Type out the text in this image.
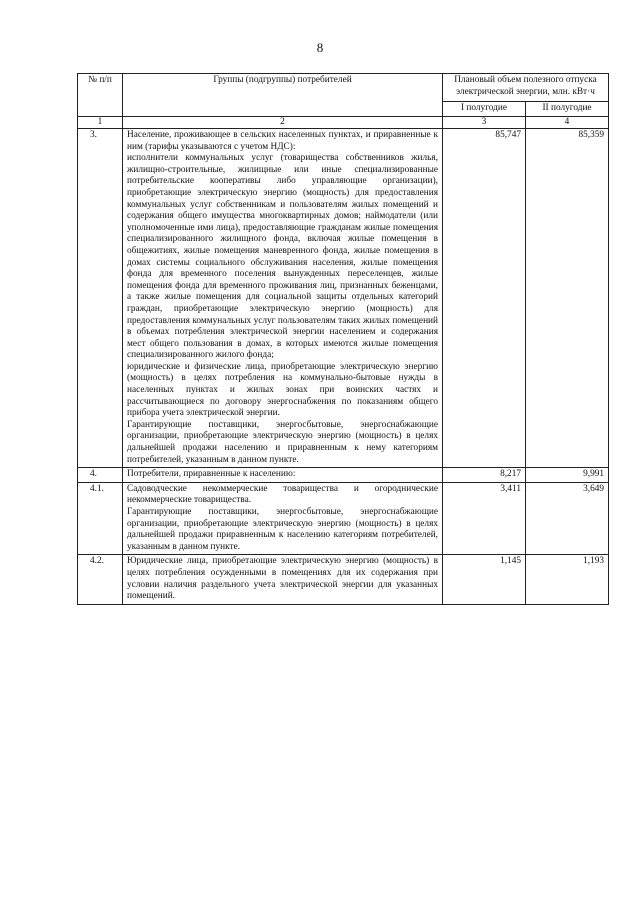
8
№ п/п	Группы (подгруппы) потребителей	Плановый объем полезного отпуска электрической энергии, млн. кВт·ч	
		I полугодие	II полугодие
1	2	3	4
3.	Население, проживающее в сельских населенных пунктах, и приравненные к ним (тарифы указываются с учетом НДС):

исполнители коммунальных услуг (товарищества собственников жилья, жилищно-строительные, жилищные или иные специализированные потребительские кооперативы либо управляющие организации), приобретающие электрическую энергию (мощность) для предоставления коммунальных услуг собственникам и пользователям жилых помещений и содержания общего имущества многоквартирных домов; наймодатели (или уполномоченные ими лица), предоставляющие гражданам жилые помещения специализированного жилищного фонда, включая жилые помещения в общежитиях, жилые помещения маневренного фонда, жилые помещения в домах системы социального обслуживания населения, жилые помещения фонда для временного поселения вынужденных переселенцев, жилые помещения фонда для временного проживания лиц, признанных беженцами, а также жилые помещения для социальной защиты отдельных категорий граждан, приобретающие электрическую энергию (мощность) для предоставления коммунальных услуг пользователям таких жилых помещений в объемах потребления электрической энергии населением и содержания мест общего пользования в домах, в которых имеются жилые помещения специализированного жилого фонда;

юридические и физические лица, приобретающие электрическую энергию (мощность) в целях потребления на коммунально-бытовые нужды в населенных пунктах и жилых зонах при воинских частях и рассчитывающиеся по договору энергоснабжения по показаниям общего прибора учета электрической энергии.

Гарантирующие поставщики, энергосбытовые, энергоснабжающие организации, приобретающие электрическую энергию (мощность) в целях дальнейшей продажи населению и приравненным к нему категориям потребителей, указанным в данном пункте.	85,747	85,359
4.	Потребители, приравненные к населению:	8,217	9,991
4.1.	Садоводческие некоммерческие товарищества и огороднические некоммерческие товарищества.

Гарантирующие поставщики, энергосбытовые, энергоснабжающие организации, приобретающие электрическую энергию (мощность) в целях дальнейшей продажи приравненным к населению категориям потребителей, указанным в данном пункте.	3,411	3,649
4.2.	Юридические лица, приобретающие электрическую энергию (мощность) в целях потребления осужденными в помещениях для их содержания при условии наличия раздельного учета электрической энергии для указанных помещений.	1,145	1,193
